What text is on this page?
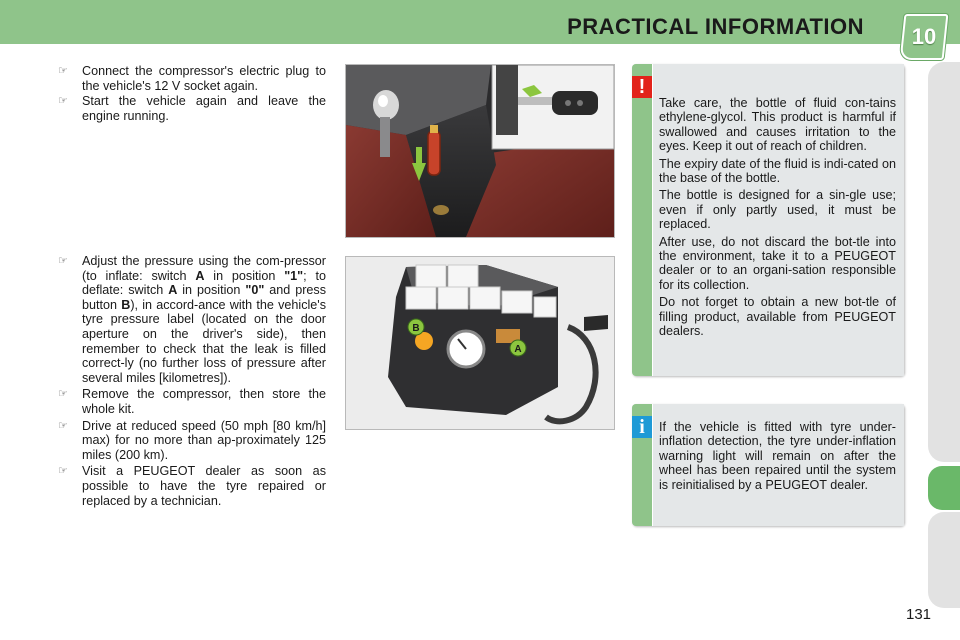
PRACTICAL INFORMATION	10
☞ Connect the compressor's electric plug to the vehicle's 12 V socket again.
☞ Start the vehicle again and leave the engine running.
☞ Adjust the pressure using the com-pressor (to inflate: switch A in position "1"; to deflate: switch A in position "0" and press button B), in accord-ance with the vehicle's tyre pressure label (located on the door aperture on the driver's side), then remember to check that the leak is filled correct-ly (no further loss of pressure after several miles [kilometres]).
☞ Remove the compressor, then store the whole kit.
☞ Drive at reduced speed (50 mph [80 km/h] max) for no more than ap-proximately 125 miles (200 km).
☞ Visit a PEUGEOT dealer as soon as possible to have the tyre repaired or replaced by a technician.
B
A
!

Take care, the bottle of fluid con-tains ethylene-glycol. This product is harmful if swallowed and causes irritation to the eyes. Keep it out of reach of children.

The expiry date of the fluid is indi-cated on the base of the bottle.

The bottle is designed for a sin-gle use; even if only partly used, it must be replaced.

After use, do not discard the bot-tle into the environment, take it to a PEUGEOT dealer or to an organi-sation responsible for its collection.

Do not forget to obtain a new bot-tle of filling product, available from PEUGEOT dealers.

i	If the vehicle is fitted with tyre under-inflation detection, the tyre under-inflation warning light will remain on after the wheel has been repaired until the system is reinitialised by a PEUGEOT dealer.

131
